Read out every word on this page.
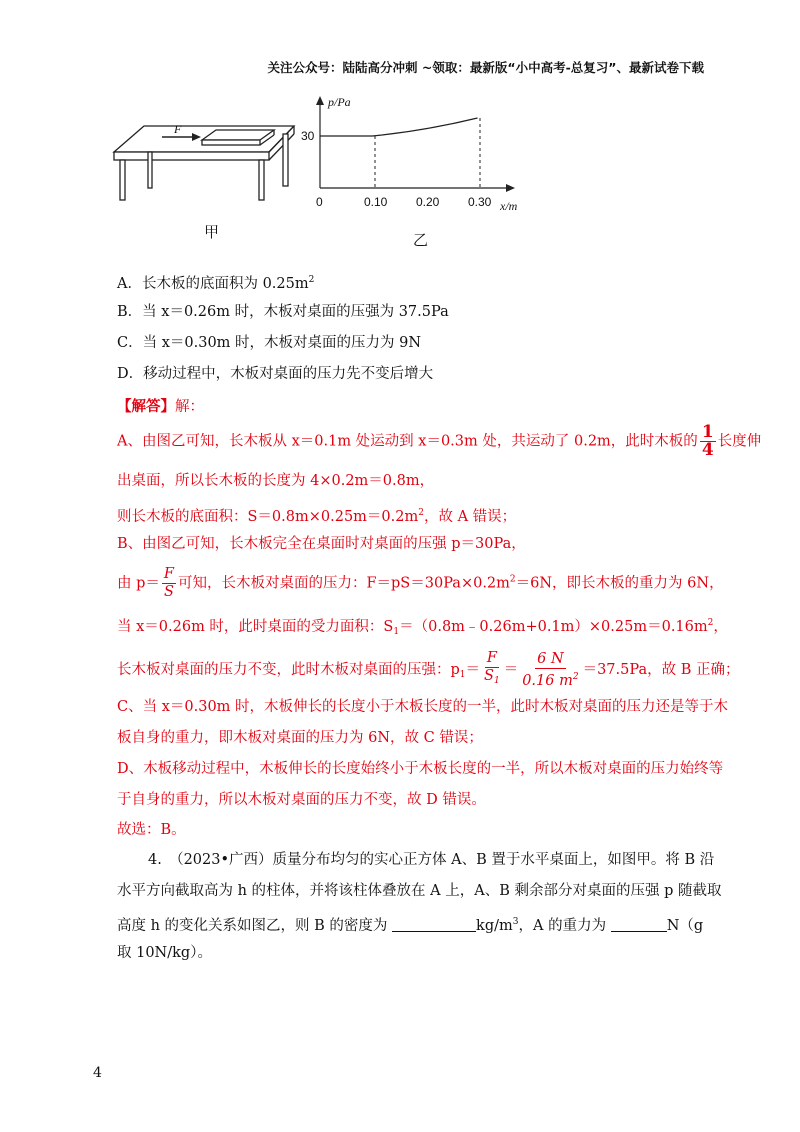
关注公众号：陆陆高分冲刺 ~领取：最新版“小中高考-总复习”、最新试卷下载
F
甲
p/Pa
x/m
30
0	0.10 0.20 0.30
乙
A．长木板的底面积为 $0.25m^2$
B．当 x＝0.26m 时，木板对桌面的压强为 37.5Pa
C．当 x＝0.30m 时，木板对桌面的压力为 9N
D．移动过程中，木板对桌面的压力先不变后增大
【解答】解：
A、由图乙可知，长木板从 x＝0.1m 处运动到 x＝0.3m 处，共运动了 0.2m，此时木板的 $\frac{1}{4}$ 长度伸
出桌面，所以长木板的长度为 4×0.2m＝0.8m，
则长木板的底面积：$S=0.8m\times 0.25m=0.2m^2$，故 A 错误；
B、由图乙可知，长木板完全在桌面时对桌面的压强 p＝30Pa，
由 $p= \frac{F}{S}$ 可知，长木板对桌面的压力：$F=pS=30Pa\times 0.2m^2=6N$，即长木板的重力为 6N，
当 x＝0.26m 时，此时桌面的受力面积：$S_1=(0.8m﹣0.26m+0.1m)\times 0.25m=0.16m^2$，
长木板对桌面的压力不变，此时木板对桌面的压强：$p_1= \frac{F}{S_1} = \frac{6 N}{0.16 m^2} =37.5Pa$，故 B 正确；
C、当 x＝0.30m 时，木板伸长的长度小于木板长度的一半，此时木板对桌面的压力还是等于木
板自身的重力，即木板对桌面的压力为 6N，故 C 错误；
D、木板移动过程中，木板伸长的长度始终小于木板长度的一半，所以木板对桌面的压力始终等
于自身的重力，所以木板对桌面的压力不变，故 D 错误。
故选：B。
4.　（2023•广西）质量分布均匀的实心正方体 A、B 置于水平桌面上，如图甲。将 B 沿
水平方向截取高为 h 的柱体，并将该柱体叠放在 A 上，A、B 剩余部分对桌面的压强 p 随截取
高度 h 的变化关系如图乙，则 B 的密度为	$kg/m^3$，A 的重力为	N（g
取 10N/kg）。
4
